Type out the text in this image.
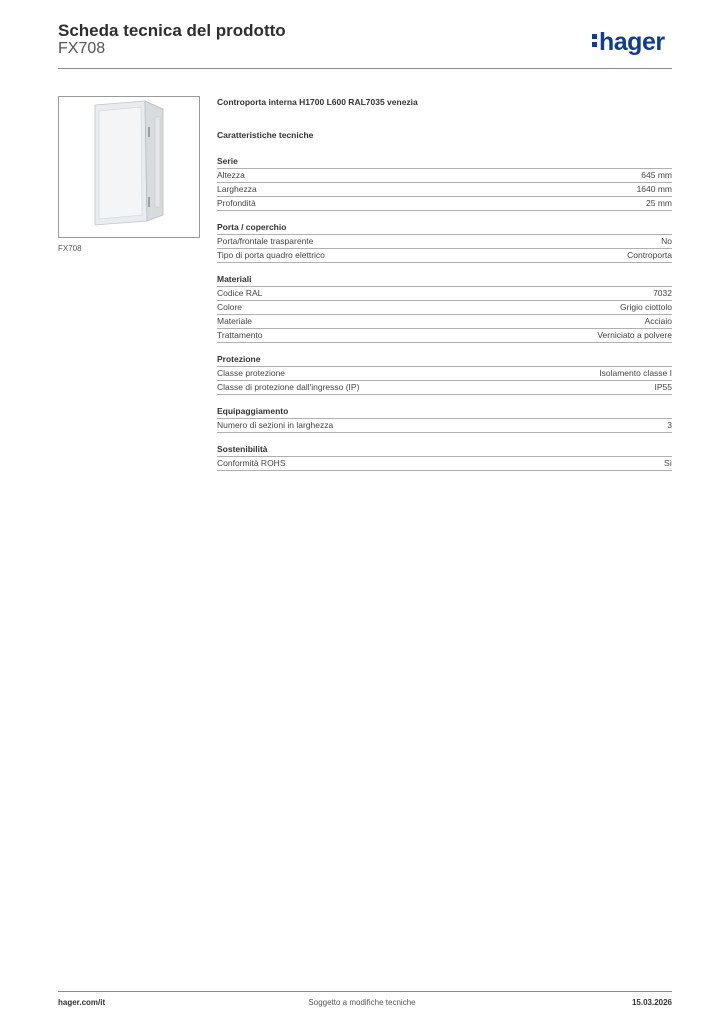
Scheda tecnica del prodotto
FX708	hager
FX708
Controporta interna H1700 L600 RAL7035 venezia
Caratteristiche tecniche
Serie
Altezza	645 mm
Larghezza	1640 mm
Profondità	25 mm
Porta / coperchio
Porta/frontale trasparente	No
Tipo di porta quadro elettrico	Controporta
Materiali
Codice RAL	7032
Colore	Grigio ciottolo
Materiale	Acciaio
Trattamento	Verniciato a polvere
Protezione
Classe protezione	Isolamento classe I
Classe di protezione dall'ingresso (IP)	IP55
Equipaggiamento
Numero di sezioni in larghezza	3
Sostenibilità
Conformità ROHS	Sì
hager.com/it	Soggetto a modifiche tecniche	15.03.2026
